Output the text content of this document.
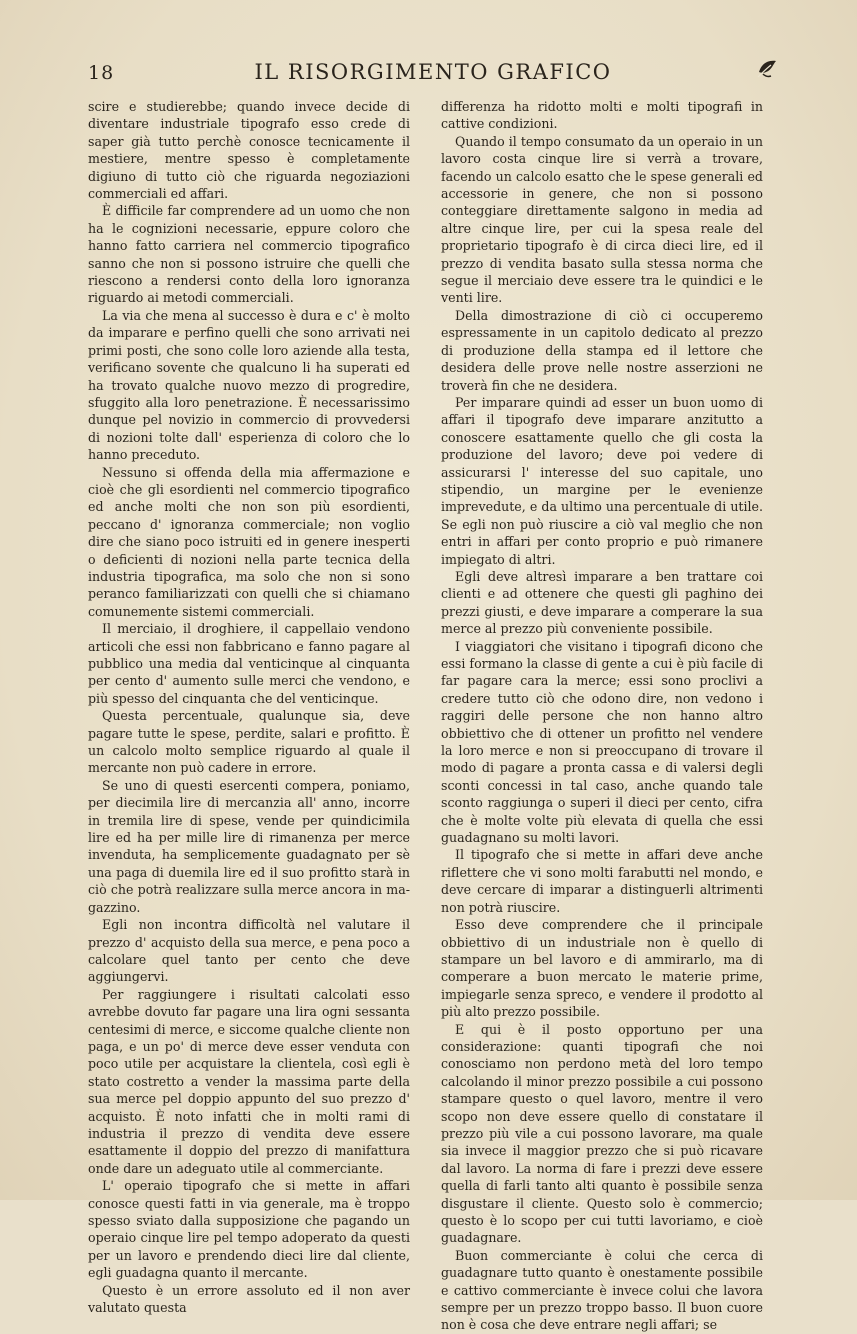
18	IL RISORGIMENTO GRAFICO

scire e studierebbe; quando invece decide di diventare industriale tipografo esso crede di saper già tutto perchè conosce tecnicamente il mestiere, mentre spesso è completamente digiuno di tutto ciò che riguarda negoziazioni commerciali ed affari.

È difficile far comprendere ad un uomo che non ha le cognizioni necessarie, eppure coloro che hanno fatto carriera nel commercio tipografico sanno che non si possono istruire che quelli che riescono a rendersi conto della loro ignoranza riguardo ai metodi commerciali.

La via che mena al successo è dura e c' è molto da imparare e perfino quelli che sono arrivati nei primi posti, che sono colle loro aziende alla testa, verificano sovente che qualcuno li ha superati ed ha trovato qualche nuovo mezzo di progredire, sfuggito alla loro penetrazione. È necessarissimo dunque pel novizio in commercio di provvedersi di nozioni tolte dall' esperienza di coloro che lo hanno preceduto.

Nessuno si offenda della mia affermazione e cioè che gli esordienti nel commercio tipografico ed anche molti che non son più esordienti, peccano d' ignoranza commerciale; non voglio dire che siano poco istruiti ed in genere inesperti o deficienti di nozioni nella parte tecnica della industria tipografica, ma solo che non si sono peranco familiarizzati con quelli che si chiamano comunemente sistemi commerciali.

Il merciaio, il droghiere, il cappellaio vendono articoli che essi non fabbricano e fanno pagare al pubblico una media dal venticinque al cinquanta per cento d' aumento sulle merci che vendono, e più spesso del cinquanta che del venticinque.

Questa percentuale, qualunque sia, deve pagare tutte le spese, perdite, salari e profitto. È un calcolo molto semplice riguardo al quale il mercante non può cadere in errore.

Se uno di questi esercenti compera, poniamo, per diecimila lire di mercanzia all' anno, incorre in tremila lire di spese, vende per quindicimila lire ed ha per mille lire di rimanenza per merce invenduta, ha semplicemente guadagnato per sè una paga di duemila lire ed il suo profitto starà in ciò che potrà realizzare sulla merce ancora in magazzino.

Egli non incontra difficoltà nel valutare il prezzo d' acquisto della sua merce, e pena poco a calcolare quel tanto per cento che deve aggiungervi.

Per raggiungere i risultati calcolati esso avrebbe dovuto far pagare una lira ogni sessanta centesimi di merce, e siccome qualche cliente non paga, e un po' di merce deve esser venduta con poco utile per acquistare la clientela, così egli è stato costretto a vender la massima parte della sua merce pel doppio appunto del suo prezzo d' acquisto. È noto infatti che in molti rami di industria il prezzo di vendita deve essere esattamente il doppio del prezzo di manifattura onde dare un adeguato utile al commerciante.

L' operaio tipografo che si mette in affari conosce questi fatti in via generale, ma è troppo spesso sviato dalla supposizione che pagando un operaio cinque lire pel tempo adoperato da questi per un lavoro e prendendo dieci lire dal cliente, egli guadagna quanto il mercante.

Questo è un errore assoluto ed il non aver valutato questa

differenza ha ridotto molti e molti tipografi in cattive condizioni.

Quando il tempo consumato da un operaio in un lavoro costa cinque lire si verrà a trovare, facendo un calcolo esatto che le spese generali ed accessorie in genere, che non si possono conteggiare direttamente salgono in media ad altre cinque lire, per cui la spesa reale del proprietario tipografo è di circa dieci lire, ed il prezzo di vendita basato sulla stessa norma che segue il merciaio deve essere tra le quindici e le venti lire.

Della dimostrazione di ciò ci occuperemo espressamente in un capitolo dedicato al prezzo di produzione della stampa ed il lettore che desidera delle prove nelle nostre asserzioni ne troverà fin che ne desidera.

Per imparare quindi ad esser un buon uomo di affari il tipografo deve imparare anzitutto a conoscere esattamente quello che gli costa la produzione del lavoro; deve poi vedere di assicurarsi l' interesse del suo capitale, uno stipendio, un margine per le evenienze imprevedute, e da ultimo una percentuale di utile. Se egli non può riuscire a ciò val meglio che non entri in affari per conto proprio e può rimanere impiegato di altri.

Egli deve altresì imparare a ben trattare coi clienti e ad ottenere che questi gli paghino dei prezzi giusti, e deve imparare a comperare la sua merce al prezzo più conveniente possibile.

I viaggiatori che visitano i tipografi dicono che essi formano la classe di gente a cui è più facile di far pagare cara la merce; essi sono proclivi a credere tutto ciò che odono dire, non vedono i raggiri delle persone che non hanno altro obbiettivo che di ottener un profitto nel vendere la loro merce e non si preoccupano di trovare il modo di pagare a pronta cassa e di valersi degli sconti concessi in tal caso, anche quando tale sconto raggiunga o superi il dieci per cento, cifra che è molte volte più elevata di quella che essi guadagnano su molti lavori.

Il tipografo che si mette in affari deve anche riflettere che vi sono molti farabutti nel mondo, e deve cercare di imparar a distinguerli altrimenti non potrà riuscire.

Esso deve comprendere che il principale obbiettivo di un industriale non è quello di stampare un bel lavoro e di ammirarlo, ma di comperare a buon mercato le materie prime, impiegarle senza spreco, e vendere il prodotto al più alto prezzo possibile.

E qui è il posto opportuno per una considerazione: quanti tipografi che noi conosciamo non perdono metà del loro tempo calcolando il minor prezzo possibile a cui possono stampare questo o quel lavoro, mentre il vero scopo non deve essere quello di constatare il prezzo più vile a cui possono lavorare, ma quale sia invece il maggior prezzo che si può ricavare dal lavoro. La norma di fare i prezzi deve essere quella di farli tanto alti quanto è possibile senza disgustare il cliente. Questo solo è commercio; questo è lo scopo per cui tutti lavoriamo, e cioè guadagnare.

Buon commerciante è colui che cerca di guadagnare tutto quanto è onestamente possibile e cattivo commerciante è invece colui che lavora sempre per un prezzo troppo basso. Il buon cuore non è cosa che deve entrare negli affari; se
